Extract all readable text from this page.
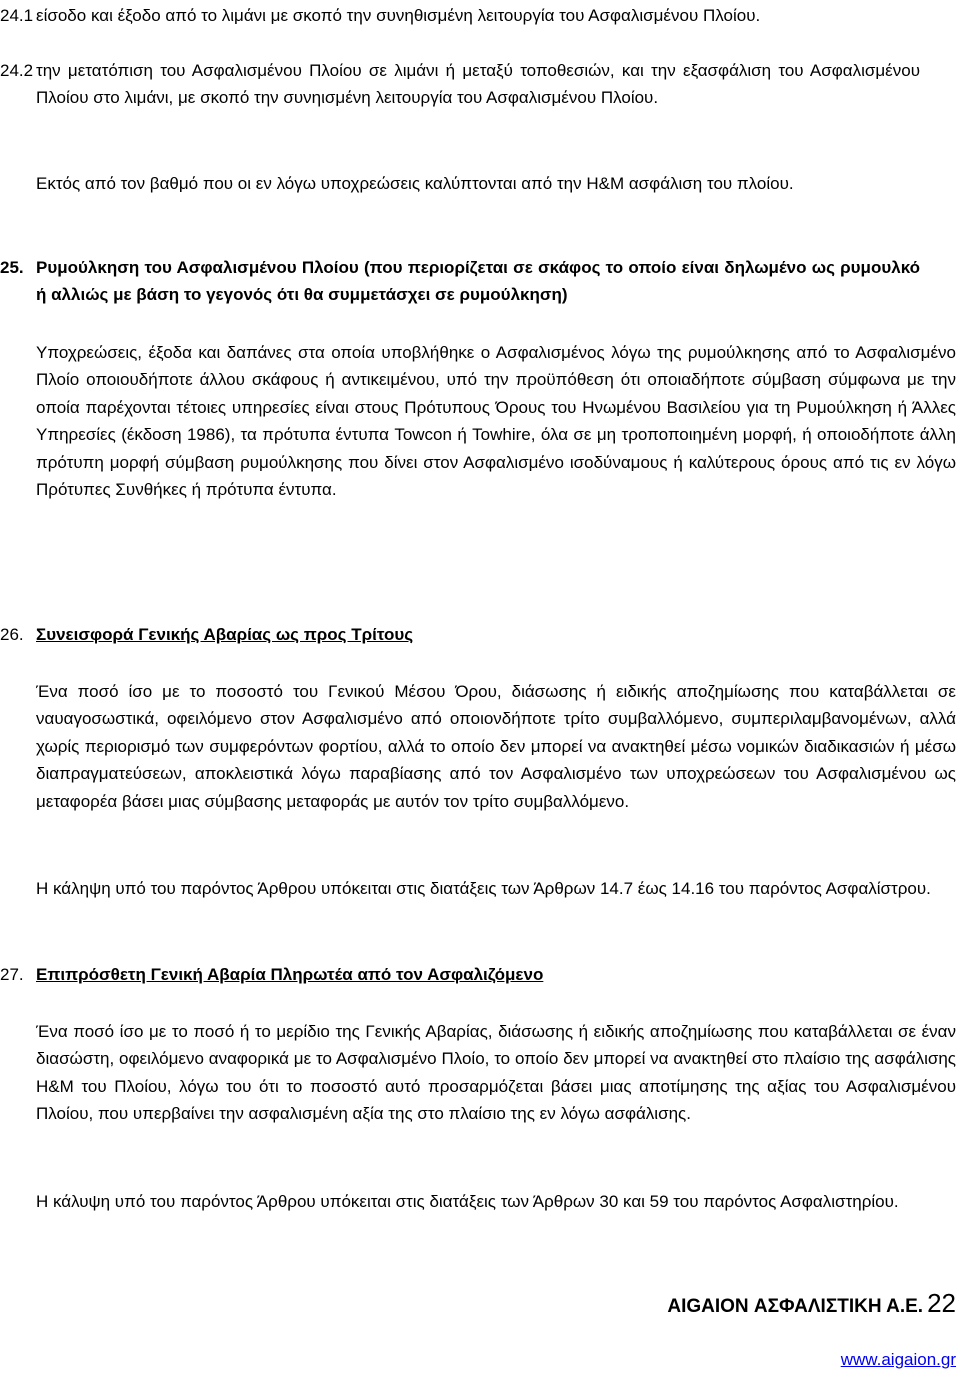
24.1 είσοδο και έξοδο από το λιμάνι με σκοπό την συνηθισμένη λειτουργία του Ασφαλισμένου Πλοίου.

24.2 την μετατόπιση του Ασφαλισμένου Πλοίου σε λιμάνι ή μεταξύ τοποθεσιών, και την εξασφάλιση του Ασφαλισμένου Πλοίου στο λιμάνι, με σκοπό την συνηισμένη λειτουργία του Ασφαλισμένου Πλοίου.

Εκτός από τον βαθμό που οι εν λόγω υποχρεώσεις καλύπτονται από την H&M ασφάλιση του πλοίου.

25. Ρυμούλκηση του Ασφαλισμένου Πλοίου (που περιορίζεται σε σκάφος το οποίο είναι δηλωμένο ως ρυμουλκό ή αλλιώς με βάση το γεγονός ότι θα συμμετάσχει σε ρυμούλκηση)

Υποχρεώσεις, έξοδα και δαπάνες στα οποία υποβλήθηκε ο Ασφαλισμένος λόγω της ρυμούλκησης από το Ασφαλισμένο Πλοίο οποιουδήποτε άλλου σκάφους ή αντικειμένου, υπό την προϋπόθεση ότι οποιαδήποτε σύμβαση σύμφωνα με την οποία παρέχονται τέτοιες υπηρεσίες είναι στους Πρότυπους Όρους του Ηνωμένου Βασιλείου για τη Ρυμούλκηση ή Άλλες Υπηρεσίες (έκδοση 1986), τα πρότυπα έντυπα Towcon ή Towhire, όλα σε μη τροποποιημένη μορφή, ή οποιοδήποτε άλλη πρότυπη μορφή σύμβαση ρυμούλκησης που δίνει στον Ασφαλισμένο ισοδύναμους ή καλύτερους όρους από τις εν λόγω Πρότυπες Συνθήκες ή πρότυπα έντυπα.

26. Συνεισφορά Γενικής Αβαρίας ως προς Τρίτους

Ένα ποσό ίσο με το ποσοστό του Γενικού Μέσου Όρου, διάσωσης ή ειδικής αποζημίωσης που καταβάλλεται σε ναυαγοσωστικά, οφειλόμενο στον Ασφαλισμένο από οποιονδήποτε τρίτο συμβαλλόμενο, συμπεριλαμβανομένων, αλλά χωρίς περιορισμό των συμφερόντων φορτίου, αλλά το οποίο δεν μπορεί να ανακτηθεί μέσω νομικών διαδικασιών ή μέσω διαπραγματεύσεων, αποκλειστικά λόγω παραβίασης από τον Ασφαλισμένο των υποχρεώσεων του Ασφαλισμένου ως μεταφορέα βάσει μιας σύμβασης μεταφοράς με αυτόν τον τρίτο συμβαλλόμενο.

Η κάληψη υπό του παρόντος Άρθρου υπόκειται στις διατάξεις των Άρθρων 14.7 έως 14.16 του παρόντος Ασφαλίστρου.

27. Επιπρόσθετη Γενική Αβαρία Πληρωτέα από τον Ασφαλιζόμενο

Ένα ποσό ίσο με το ποσό ή το μερίδιο της Γενικής Αβαρίας, διάσωσης ή ειδικής αποζημίωσης που καταβάλλεται σε έναν διασώστη, οφειλόμενο αναφορικά με το Ασφαλισμένο Πλοίο, το οποίο δεν μπορεί να ανακτηθεί στο πλαίσιο της ασφάλισης H&M του Πλοίου, λόγω του ότι το ποσοστό αυτό προσαρμόζεται βάσει μιας αποτίμησης της αξίας του Ασφαλισμένου Πλοίου, που υπερβαίνει την ασφαλισμένη αξία της στο πλαίσιο της εν λόγω ασφάλισης.

Η κάλυψη υπό του παρόντος Άρθρου υπόκειται στις διατάξεις των Άρθρων 30 και 59 του παρόντος Ασφαλιστηρίου.

AIGAION ΑΣΦΑΛΙΣΤΙΚΗ Α.Ε. 22
www.aigaion.gr
